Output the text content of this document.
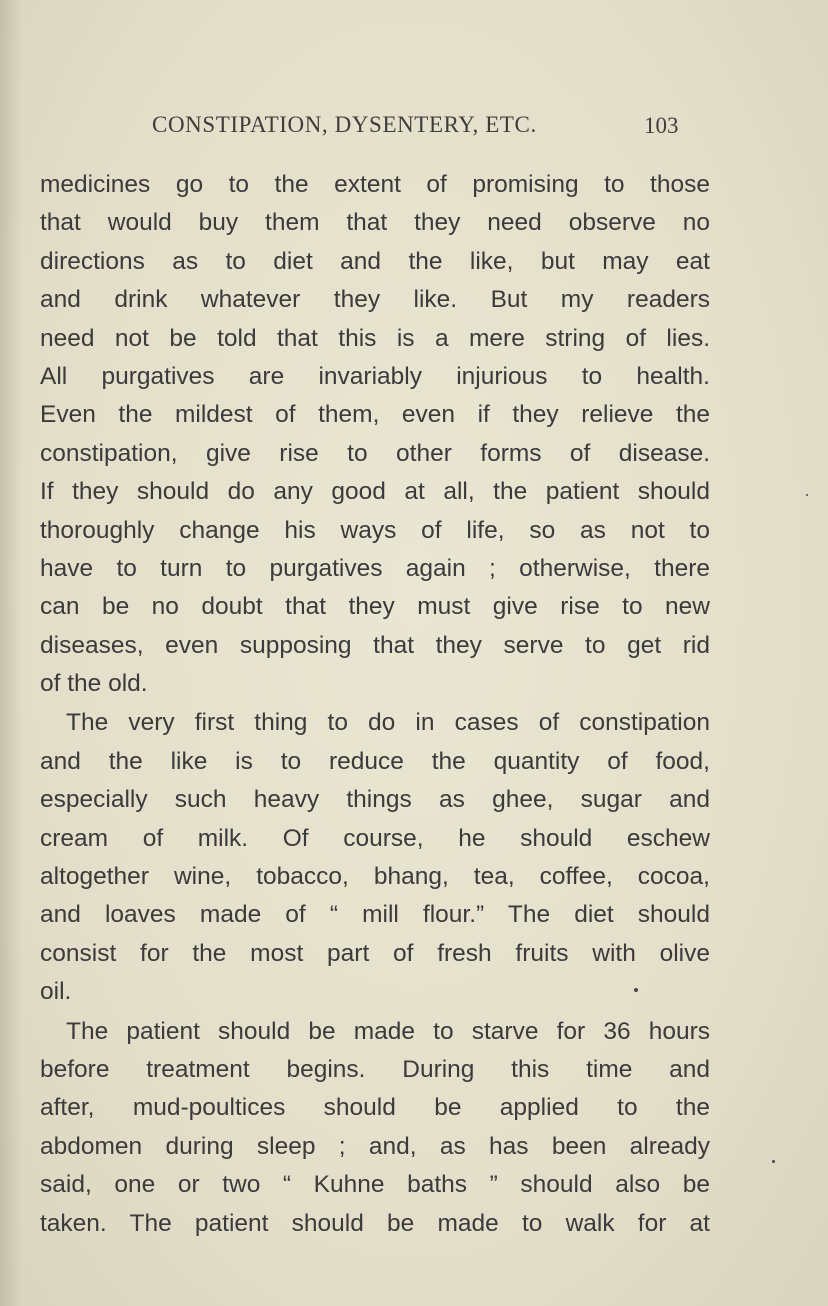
CONSTIPATION, DYSENTERY, ETC.	103
medicines go to the extent of promising to those
that would buy them that they need observe no
directions as to diet and the like, but may eat
and drink whatever they like. But my readers
need not be told that this is a mere string of lies.
All purgatives are invariably injurious to health.
Even the mildest of them, even if they relieve the
constipation, give rise to other forms of disease.
If they should do any good at all, the patient should
thoroughly change his ways of life, so as not to
have to turn to purgatives again ; otherwise, there
can be no doubt that they must give rise to new
diseases, even supposing that they serve to get rid
of the old.
The very first thing to do in cases of constipation
and the like is to reduce the quantity of food,
especially such heavy things as ghee, sugar and
cream of milk. Of course, he should eschew
altogether wine, tobacco, bhang, tea, coffee, cocoa,
and loaves made of “ mill flour.” The diet should
consist for the most part of fresh fruits with olive
oil.
The patient should be made to starve for 36 hours
before treatment begins. During this time and
after, mud-poultices should be applied to the
abdomen during sleep ; and, as has been already
said, one or two “ Kuhne baths ” should also be
taken. The patient should be made to walk for at
